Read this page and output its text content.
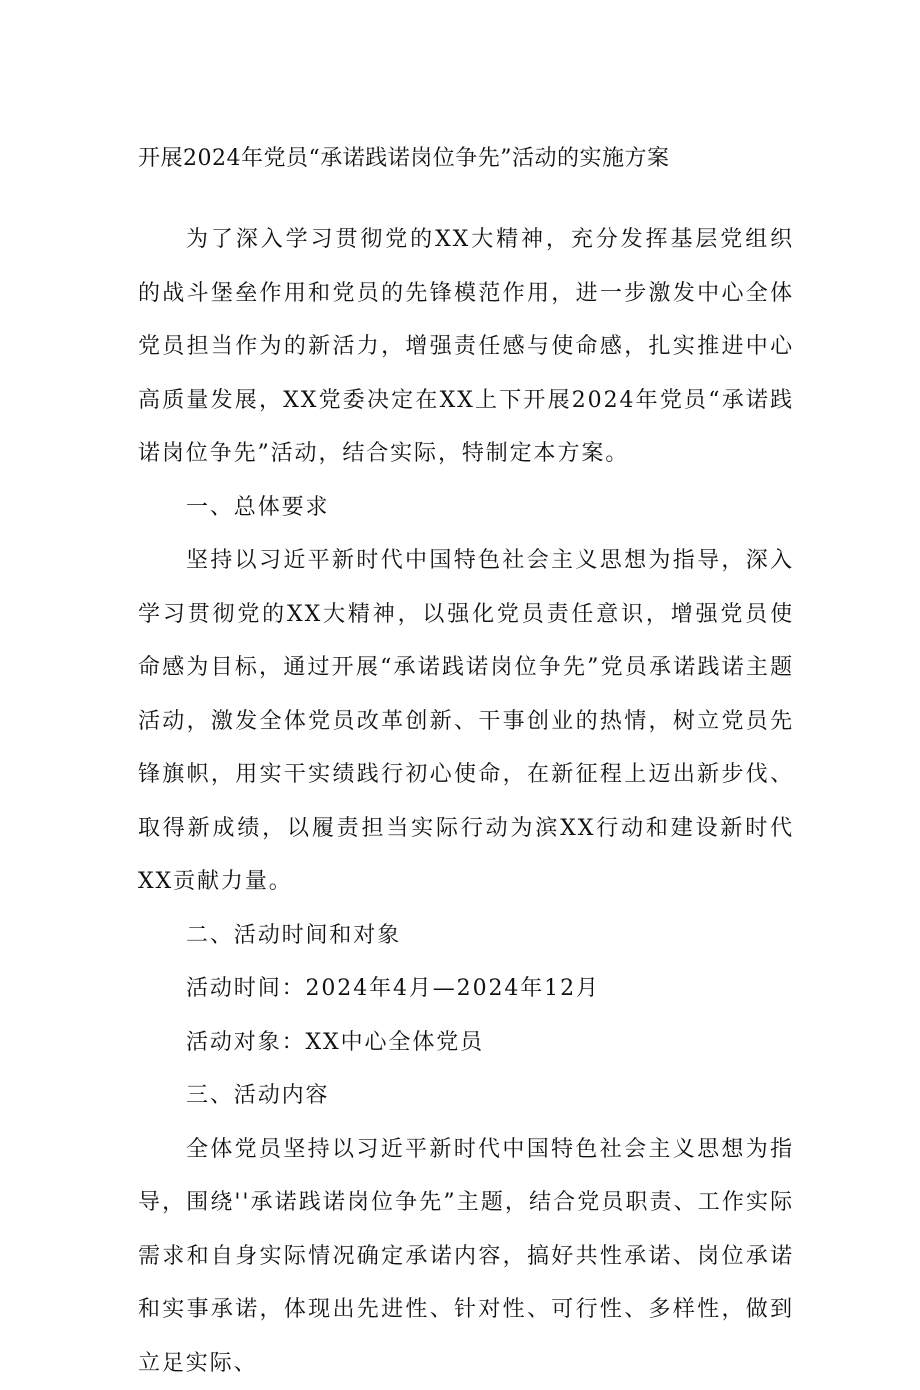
开展2024年党员“承诺践诺岗位争先”活动的实施方案

为了深入学习贯彻党的XX大精神，充分发挥基层党组织的战斗堡垒作用和党员的先锋模范作用，进一步激发中心全体党员担当作为的新活力，增强责任感与使命感，扎实推进中心高质量发展，XX党委决定在XX上下开展2024年党员“承诺践诺岗位争先”活动，结合实际，特制定本方案。

一、总体要求

坚持以习近平新时代中国特色社会主义思想为指导，深入学习贯彻党的XX大精神，以强化党员责任意识，增强党员使命感为目标，通过开展“承诺践诺岗位争先”党员承诺践诺主题活动，激发全体党员改革创新、干事创业的热情，树立党员先锋旗帜，用实干实绩践行初心使命，在新征程上迈出新步伐、取得新成绩，以履责担当实际行动为滨XX行动和建设新时代XX贡献力量。

二、活动时间和对象

活动时间：2024年4月—2024年12月

活动对象：XX中心全体党员

三、活动内容

全体党员坚持以习近平新时代中国特色社会主义思想为指导，围绕''承诺践诺岗位争先”主题，结合党员职责、工作实际需求和自身实际情况确定承诺内容，搞好共性承诺、岗位承诺和实事承诺，体现出先进性、针对性、可行性、多样性，做到立足实际、
